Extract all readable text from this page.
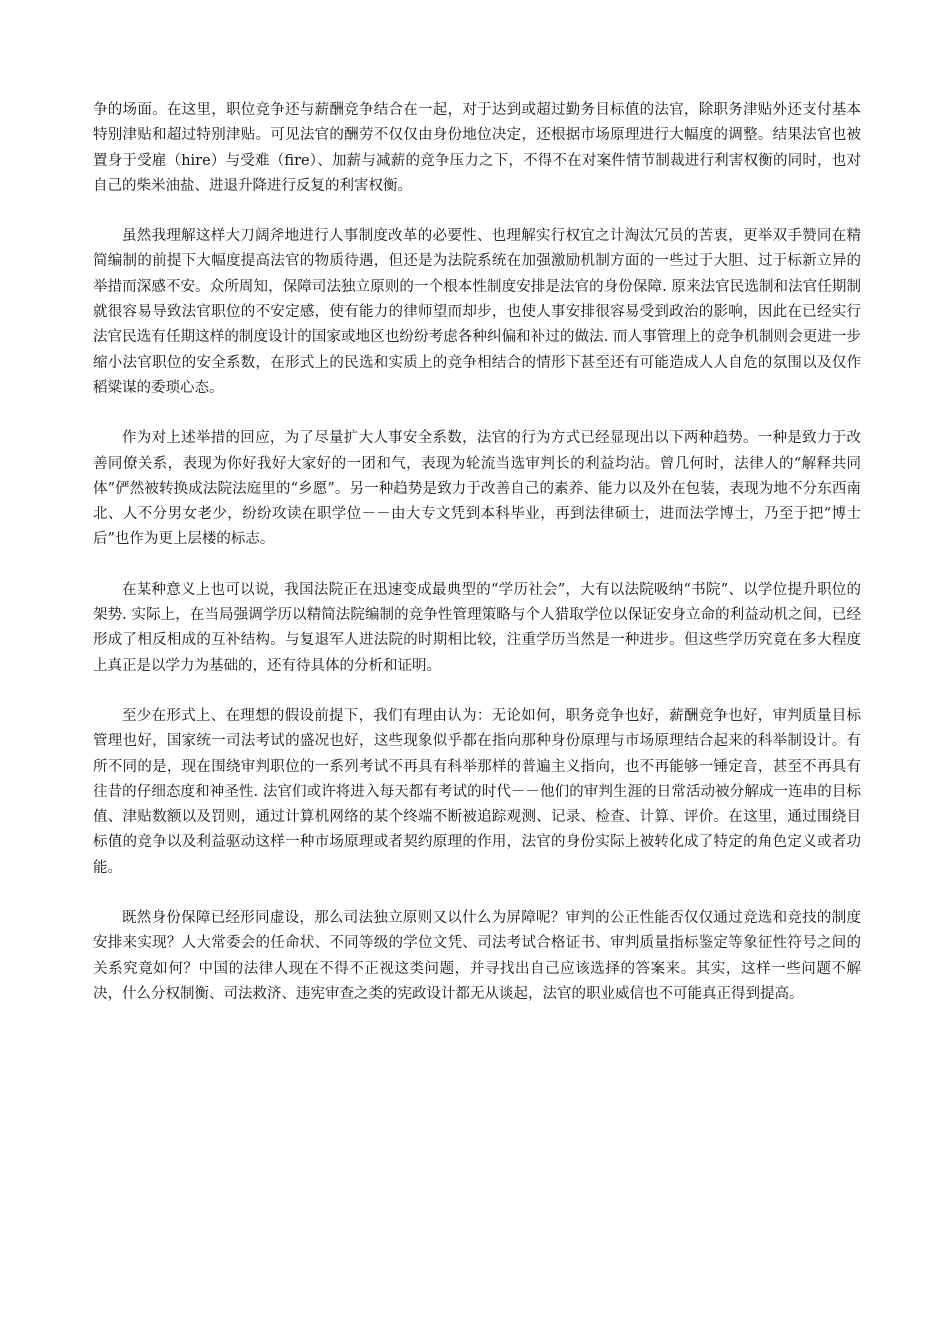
争的场面。在这里，职位竞争还与薪酬竞争结合在一起，对于达到或超过勤务目标值的法官，除职务津贴外还支付基本特别津贴和超过特别津贴。可见法官的酬劳不仅仅由身份地位决定，还根据市场原理进行大幅度的调整。结果法官也被置身于受雇（hire）与受难（fire）、加薪与减薪的竞争压力之下，不得不在对案件情节制裁进行利害权衡的同时，也对自己的柴米油盐、进退升降进行反复的利害权衡。

虽然我理解这样大刀阔斧地进行人事制度改革的必要性、也理解实行权宜之计淘汰冗员的苦衷，更举双手赞同在精简编制的前提下大幅度提高法官的物质待遇，但还是为法院系统在加强激励机制方面的一些过于大胆、过于标新立异的举措而深感不安。众所周知，保障司法独立原则的一个根本性制度安排是法官的身份保障. 原来法官民选制和法官任期制就很容易导致法官职位的不安定感，使有能力的律师望而却步，也使人事安排很容易受到政治的影响，因此在已经实行法官民选有任期这样的制度设计的国家或地区也纷纷考虑各种纠偏和补过的做法. 而人事管理上的竞争机制则会更进一步缩小法官职位的安全系数，在形式上的民选和实质上的竞争相结合的情形下甚至还有可能造成人人自危的氛围以及仅作稻粱谋的委琐心态。

作为对上述举措的回应，为了尽量扩大人事安全系数，法官的行为方式已经显现出以下两种趋势。一种是致力于改善同僚关系，表现为你好我好大家好的一团和气，表现为轮流当选审判长的利益均沾。曾几何时，法律人的“解释共同体”俨然被转换成法院法庭里的“乡愿”。另一种趋势是致力于改善自己的素养、能力以及外在包装，表现为地不分东西南北、人不分男女老少，纷纷攻读在职学位－－由大专文凭到本科毕业，再到法律硕士，进而法学博士，乃至于把“博士后”也作为更上层楼的标志。

在某种意义上也可以说，我国法院正在迅速变成最典型的“学历社会”，大有以法院吸纳“书院”、以学位提升职位的架势. 实际上，在当局强调学历以精简法院编制的竞争性管理策略与个人猎取学位以保证安身立命的利益动机之间，已经形成了相反相成的互补结构。与复退军人进法院的时期相比较，注重学历当然是一种进步。但这些学历究竟在多大程度上真正是以学力为基础的，还有待具体的分析和证明。

至少在形式上、在理想的假设前提下，我们有理由认为：无论如何，职务竞争也好，薪酬竞争也好，审判质量目标管理也好，国家统一司法考试的盛况也好，这些现象似乎都在指向那种身份原理与市场原理结合起来的科举制设计。有所不同的是，现在围绕审判职位的一系列考试不再具有科举那样的普遍主义指向，也不再能够一锤定音，甚至不再具有往昔的仔细态度和神圣性. 法官们或许将进入每天都有考试的时代－－他们的审判生涯的日常活动被分解成一连串的目标值、津贴数额以及罚则，通过计算机网络的某个终端不断被追踪观测、记录、检查、计算、评价。在这里，通过围绕目标值的竞争以及利益驱动这样一种市场原理或者契约原理的作用，法官的身份实际上被转化成了特定的角色定义或者功能。

既然身份保障已经形同虚设，那么司法独立原则又以什么为屏障呢？审判的公正性能否仅仅通过竞选和竞技的制度安排来实现？人大常委会的任命状、不同等级的学位文凭、司法考试合格证书、审判质量指标鉴定等象征性符号之间的关系究竟如何？中国的法律人现在不得不正视这类问题，并寻找出自己应该选择的答案来。其实，这样一些问题不解决，什么分权制衡、司法救济、违宪审查之类的宪政设计都无从谈起，法官的职业威信也不可能真正得到提高。
